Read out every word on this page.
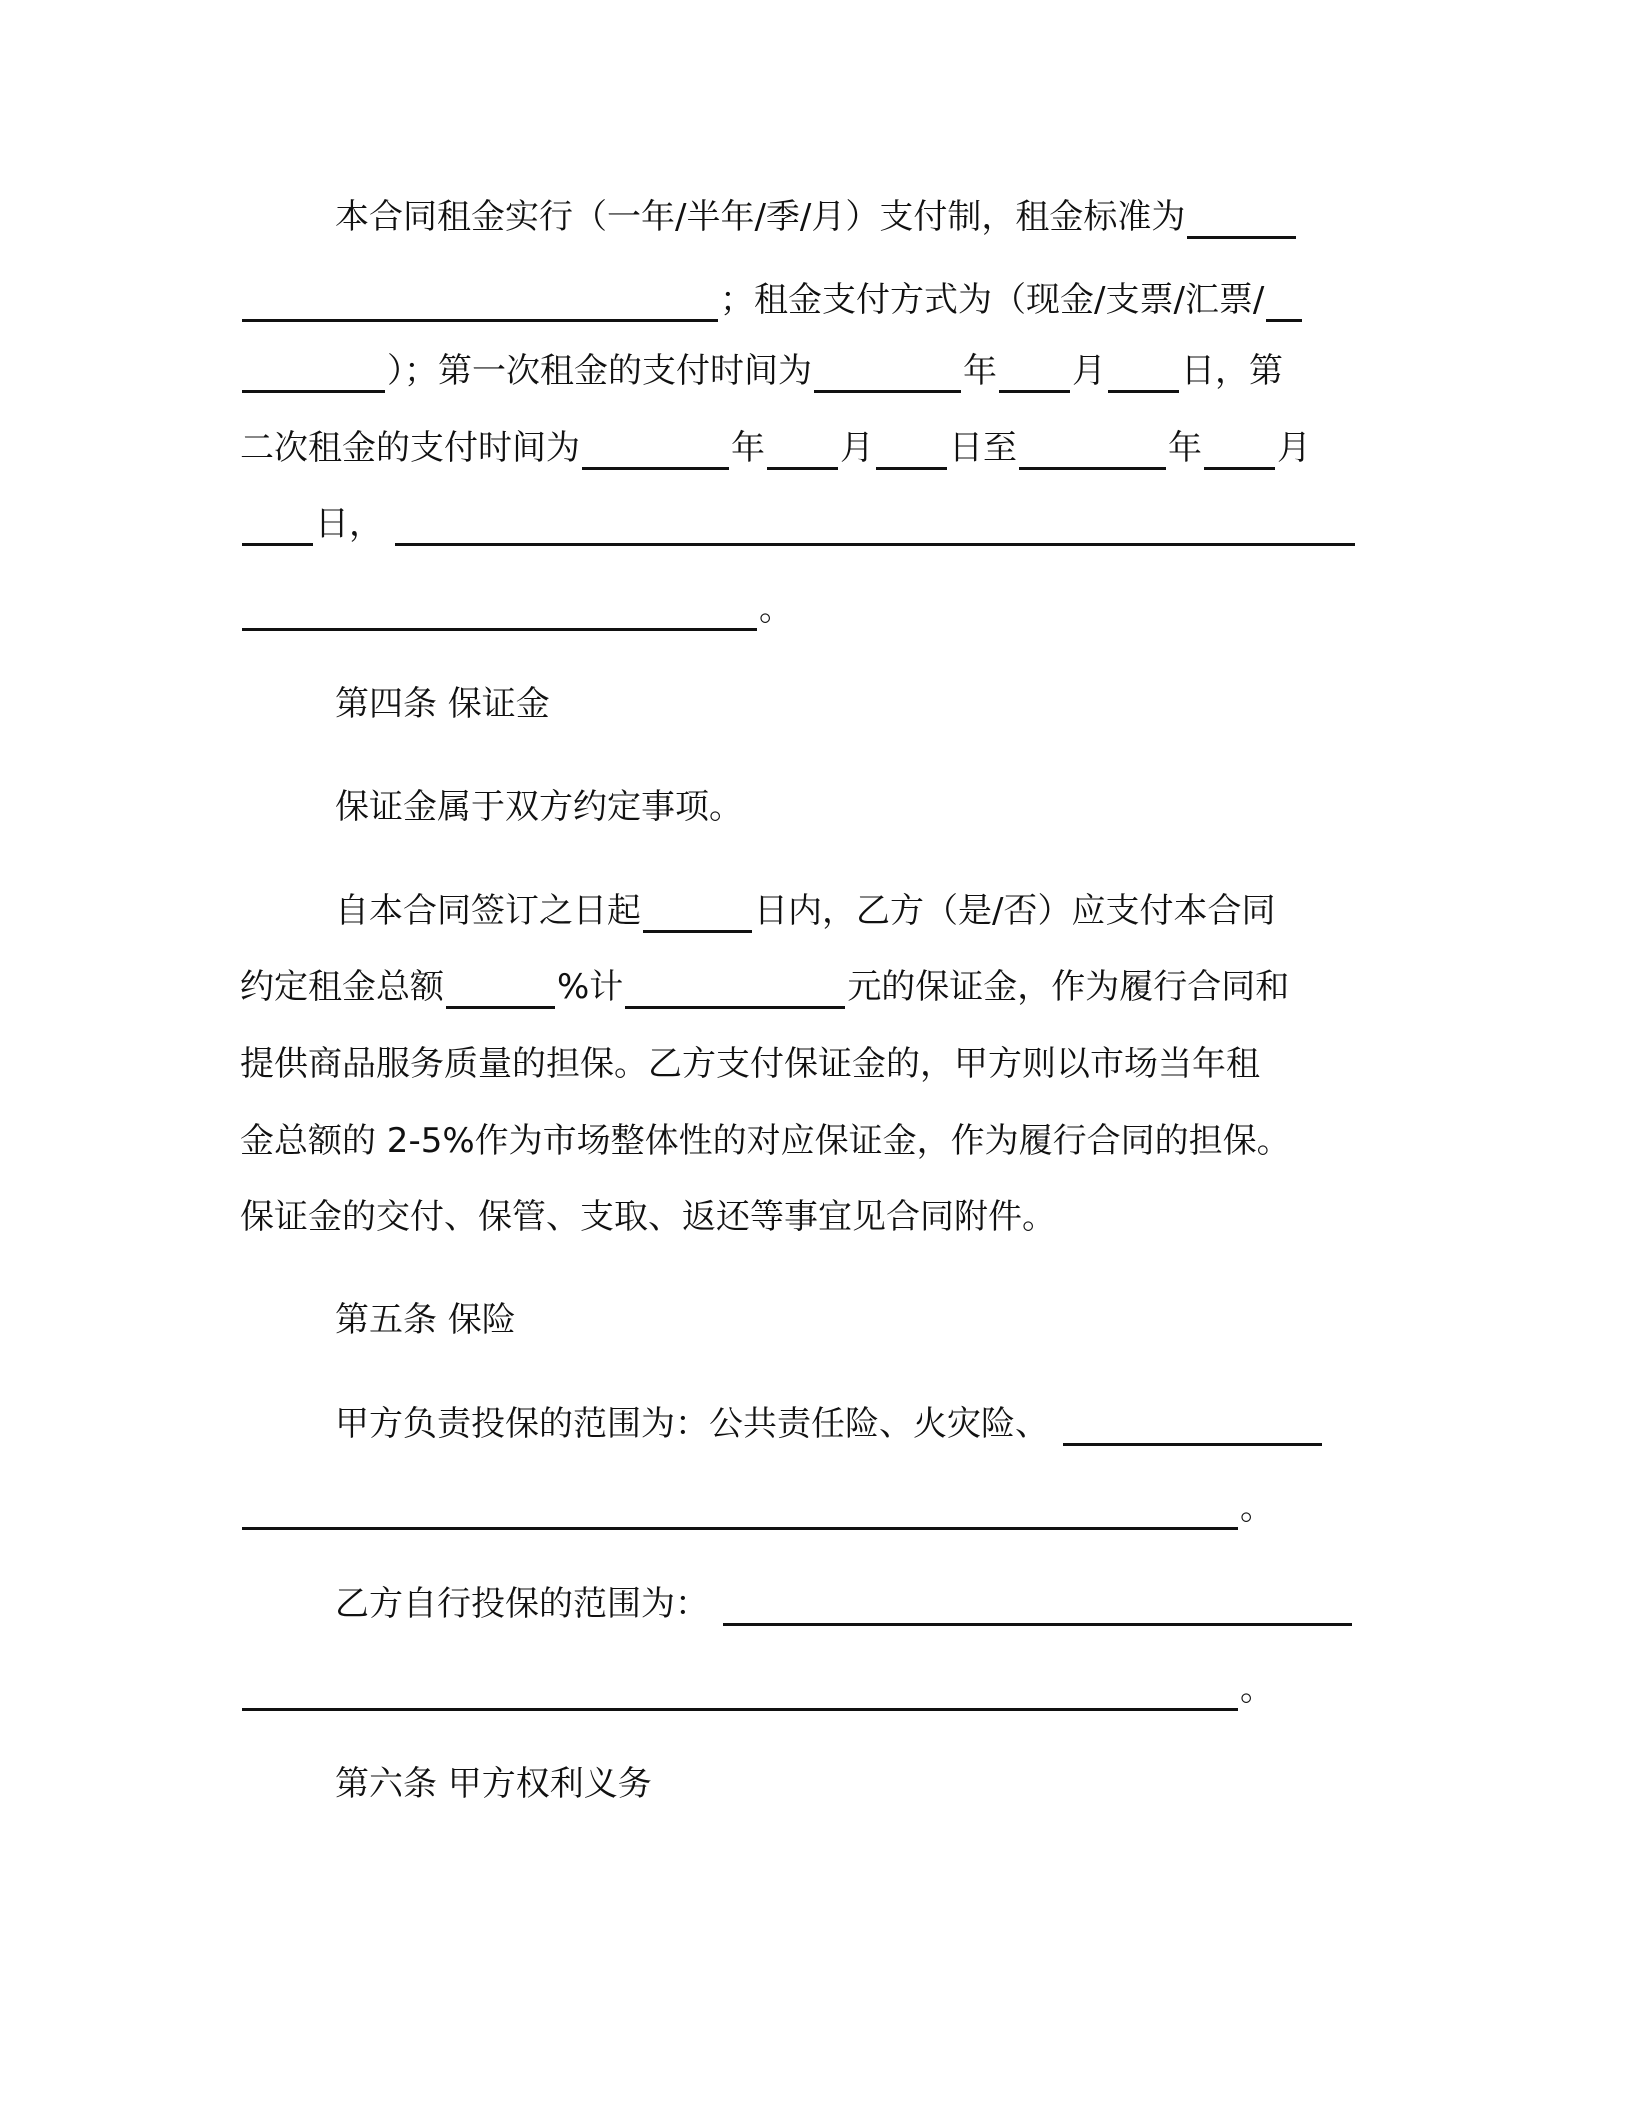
本合同租金实行（一年/半年/季/月）支付制，租金标准为
；租金支付方式为（现金/支票/汇票/
）；第一次租金的支付时间为	年 月 日，第
二次租金的支付时间为	年 月 日至	年 月
日，
。
第四条 保证金
保证金属于双方约定事项。
自本合同签订之日起	日内，乙方（是/否）应支付本合同
约定租金总额	%计	元的保证金，作为履行合同和
提供商品服务质量的担保。乙方支付保证金的，甲方则以市场当年租
金总额的 2-5%作为市场整体性的对应保证金，作为履行合同的担保。
保证金的交付、保管、支取、返还等事宜见合同附件。
第五条 保险
甲方负责投保的范围为：公共责任险、火灾险、
。
乙方自行投保的范围为：
。
第六条 甲方权利义务
